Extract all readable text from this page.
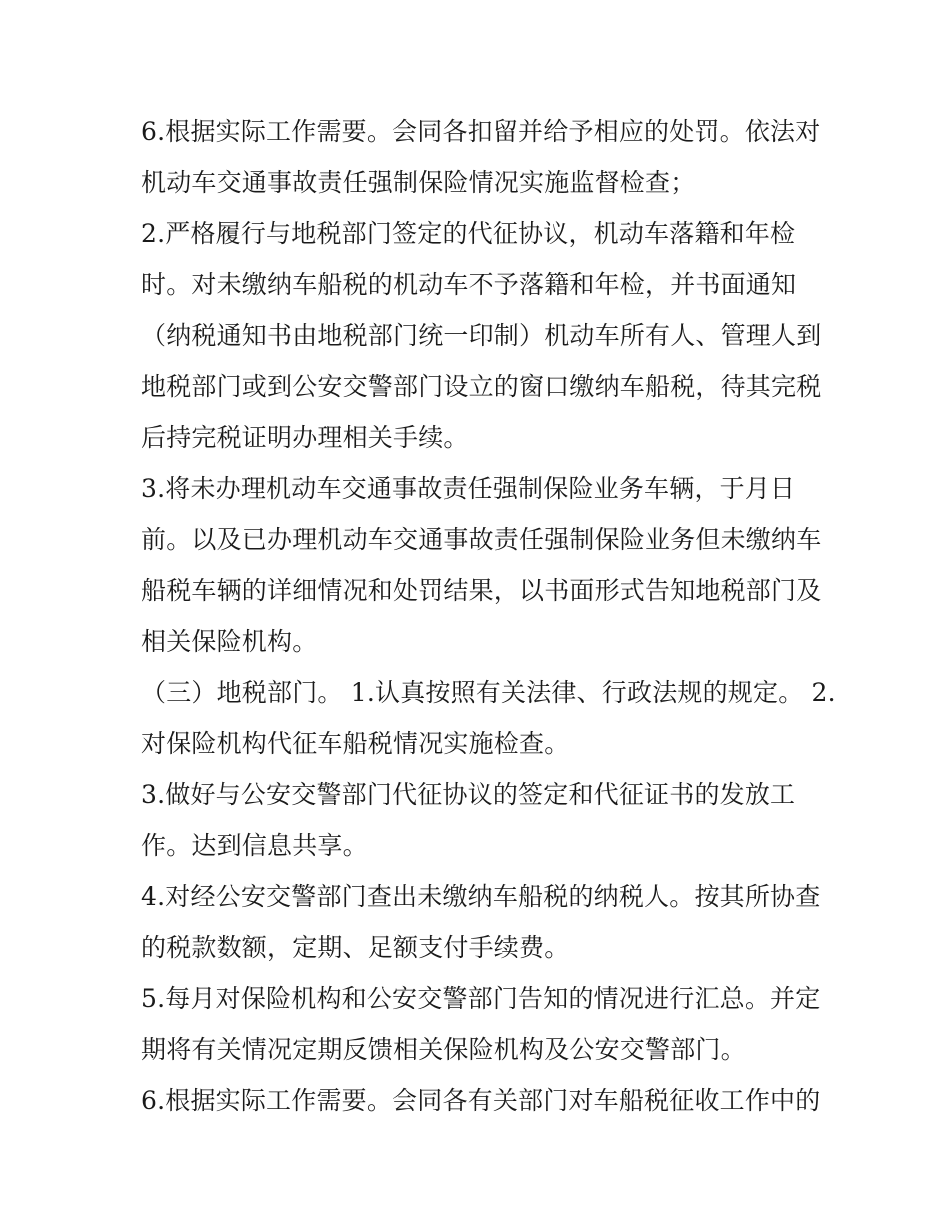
6.根据实际工作需要。会同各扣留并给予相应的处罚。依法对
机动车交通事故责任强制保险情况实施监督检查；
2.严格履行与地税部门签定的代征协议，机动车落籍和年检
时。对未缴纳车船税的机动车不予落籍和年检，并书面通知
（纳税通知书由地税部门统一印制）机动车所有人、管理人到
地税部门或到公安交警部门设立的窗口缴纳车船税，待其完税
后持完税证明办理相关手续。
3.将未办理机动车交通事故责任强制保险业务车辆，于月日
前。以及已办理机动车交通事故责任强制保险业务但未缴纳车
船税车辆的详细情况和处罚结果，以书面形式告知地税部门及
相关保险机构。
（三）地税部门。 1.认真按照有关法律、行政法规的规定。 2.
对保险机构代征车船税情况实施检查。
3.做好与公安交警部门代征协议的签定和代征证书的发放工
作。达到信息共享。
4.对经公安交警部门查出未缴纳车船税的纳税人。按其所协查
的税款数额，定期、足额支付手续费。
5.每月对保险机构和公安交警部门告知的情况进行汇总。并定
期将有关情况定期反馈相关保险机构及公安交警部门。
6.根据实际工作需要。会同各有关部门对车船税征收工作中的
